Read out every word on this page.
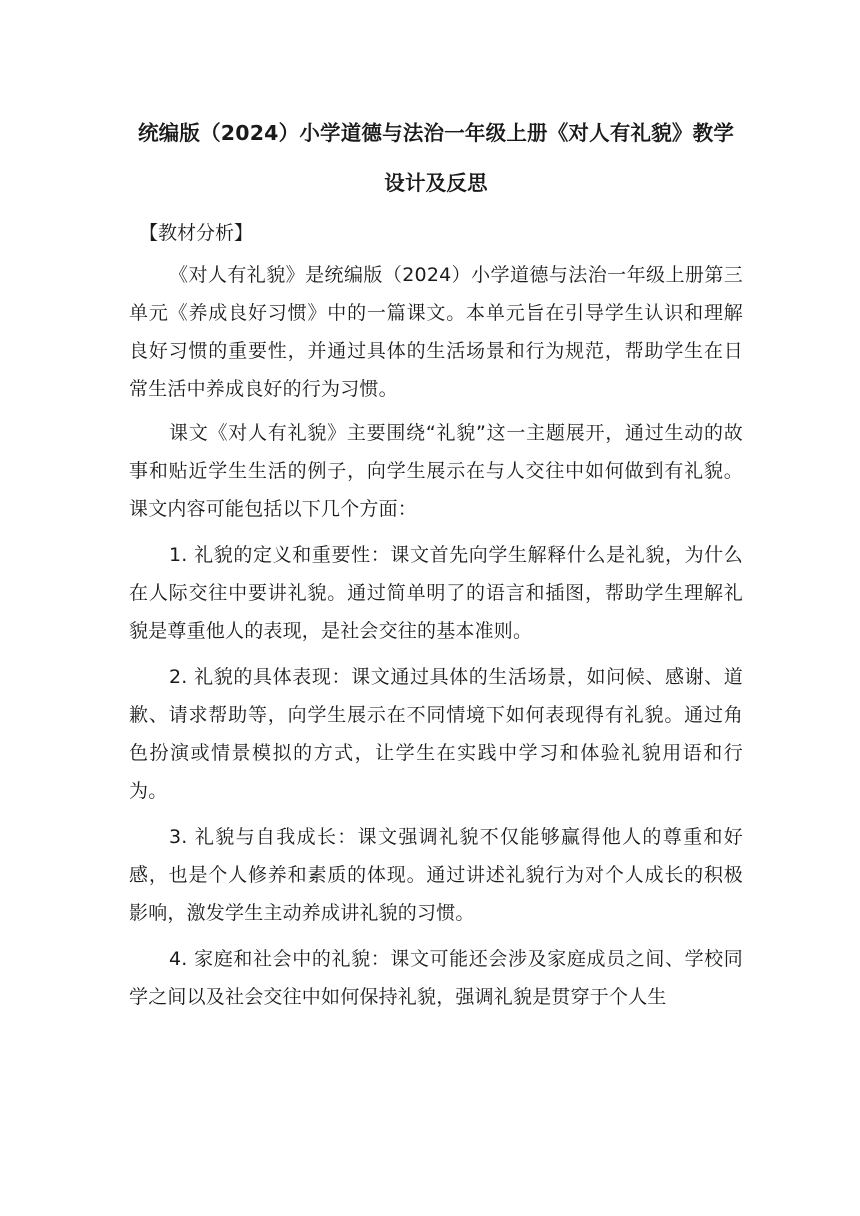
统编版（2024）小学道德与法治一年级上册《对人有礼貌》教学设计及反思

【教材分析】

《对人有礼貌》是统编版（2024）小学道德与法治一年级上册第三单元《养成良好习惯》中的一篇课文。本单元旨在引导学生认识和理解良好习惯的重要性，并通过具体的生活场景和行为规范，帮助学生在日常生活中养成良好的行为习惯。

课文《对人有礼貌》主要围绕“礼貌”这一主题展开，通过生动的故事和贴近学生生活的例子，向学生展示在与人交往中如何做到有礼貌。课文内容可能包括以下几个方面：

1. 礼貌的定义和重要性：课文首先向学生解释什么是礼貌，为什么在人际交往中要讲礼貌。通过简单明了的语言和插图，帮助学生理解礼貌是尊重他人的表现，是社会交往的基本准则。

2. 礼貌的具体表现：课文通过具体的生活场景，如问候、感谢、道歉、请求帮助等，向学生展示在不同情境下如何表现得有礼貌。通过角色扮演或情景模拟的方式，让学生在实践中学习和体验礼貌用语和行为。

3. 礼貌与自我成长：课文强调礼貌不仅能够赢得他人的尊重和好感，也是个人修养和素质的体现。通过讲述礼貌行为对个人成长的积极影响，激发学生主动养成讲礼貌的习惯。

4. 家庭和社会中的礼貌：课文可能还会涉及家庭成员之间、学校同学之间以及社会交往中如何保持礼貌，强调礼貌是贯穿于个人生
